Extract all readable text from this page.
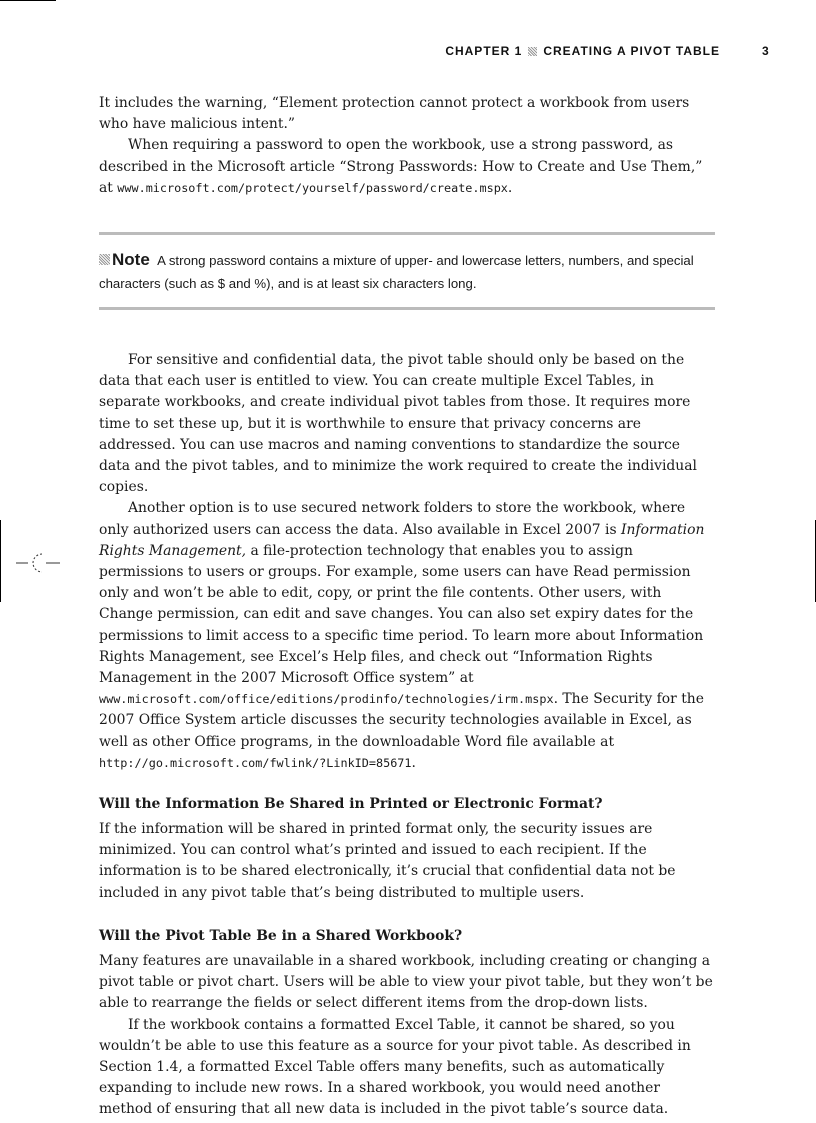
CHAPTER 1 CREATING A PIVOT TABLE	3

It includes the warning, “Element protection cannot protect a workbook from users who have malicious intent.”

When requiring a password to open the workbook, use a strong password, as described in the Microsoft article “Strong Passwords: How to Create and Use Them,” at www.microsoft.com/protect/yourself/password/create.mspx.

Note A strong password contains a mixture of upper- and lowercase letters, numbers, and special characters (such as $ and %), and is at least six characters long.

For sensitive and confidential data, the pivot table should only be based on the data that each user is entitled to view. You can create multiple Excel Tables, in separate workbooks, and create individual pivot tables from those. It requires more time to set these up, but it is worthwhile to ensure that privacy concerns are addressed. You can use macros and naming conventions to standardize the source data and the pivot tables, and to minimize the work required to create the individual copies.

Another option is to use secured network folders to store the workbook, where only authorized users can access the data. Also available in Excel 2007 is Information Rights Management, a file-protection technology that enables you to assign permissions to users or groups. For example, some users can have Read permission only and won’t be able to edit, copy, or print the file contents. Other users, with Change permission, can edit and save changes. You can also set expiry dates for the permissions to limit access to a specific time period. To learn more about Information Rights Management, see Excel’s Help files, and check out “Information Rights Management in the 2007 Microsoft Office system” at www.microsoft.com/office/editions/prodinfo/technologies/irm.mspx. The Security for the 2007 Office System article discusses the security technologies available in Excel, as well as other Office programs, in the downloadable Word file available at http://go.microsoft.com/fwlink/?LinkID=85671.

Will the Information Be Shared in Printed or Electronic Format?

If the information will be shared in printed format only, the security issues are minimized. You can control what’s printed and issued to each recipient. If the information is to be shared electronically, it’s crucial that confidential data not be included in any pivot table that’s being distributed to multiple users.

Will the Pivot Table Be in a Shared Workbook?

Many features are unavailable in a shared workbook, including creating or changing a pivot table or pivot chart. Users will be able to view your pivot table, but they won’t be able to rearrange the fields or select different items from the drop-down lists.

If the workbook contains a formatted Excel Table, it cannot be shared, so you wouldn’t be able to use this feature as a source for your pivot table. As described in Section 1.4, a formatted Excel Table offers many benefits, such as automatically expanding to include new rows. In a shared workbook, you would need another method of ensuring that all new data is included in the pivot table’s source data.
